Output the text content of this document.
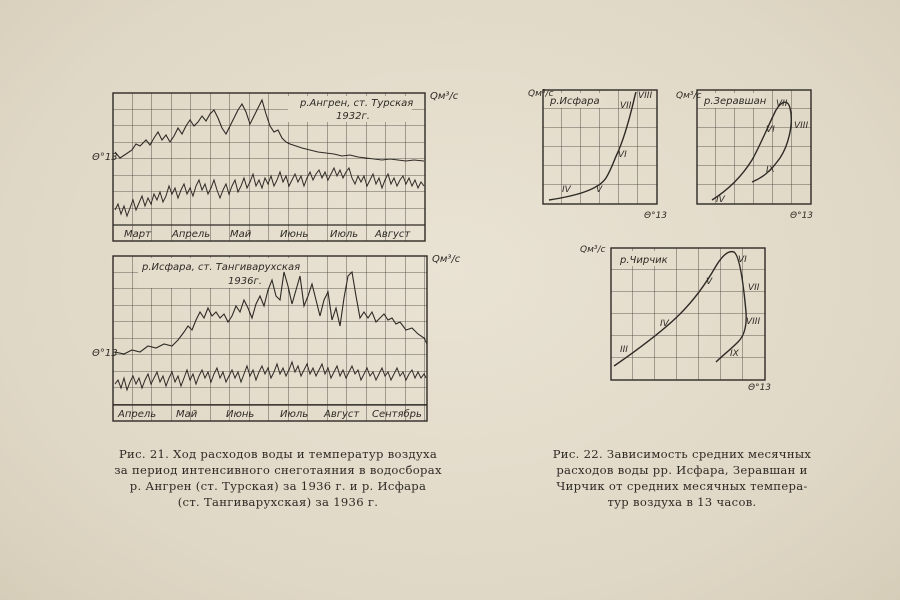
р.Ангрен, ст. Турская
1932г.
Qм³/с
Θ°13
Март Апрель Май	Июнь Июль Август
р.Исфара, ст. Тангиварухская
1936г.
Qм³/с
Θ°13
Апрель Май	Июнь	Июль Август Сентябрь
р.Исфара
Qм³/с
Θ°13
IV	V
VI
VII
VIII	р.Зеравшан
Qм³/с
Θ°13
IV
VI
VII
VIII
IX
р.Чирчик
Qм³/с
Θ°13
III
IV
V
VI
VII
VIII
IX
Рис. 21. Ход расходов воды и температур воздуха
за период интенсивного снеготаяния в водосборах
р. Ангрен (ст. Турская) за 1936 г. и р. Исфара
(ст. Тангиварухская) за 1936 г.
Рис. 22. Зависимость средних месячных
расходов воды рр. Исфара, Зеравшан и
Чирчик от средних месячных темпера-
тур воздуха в 13 часов.
